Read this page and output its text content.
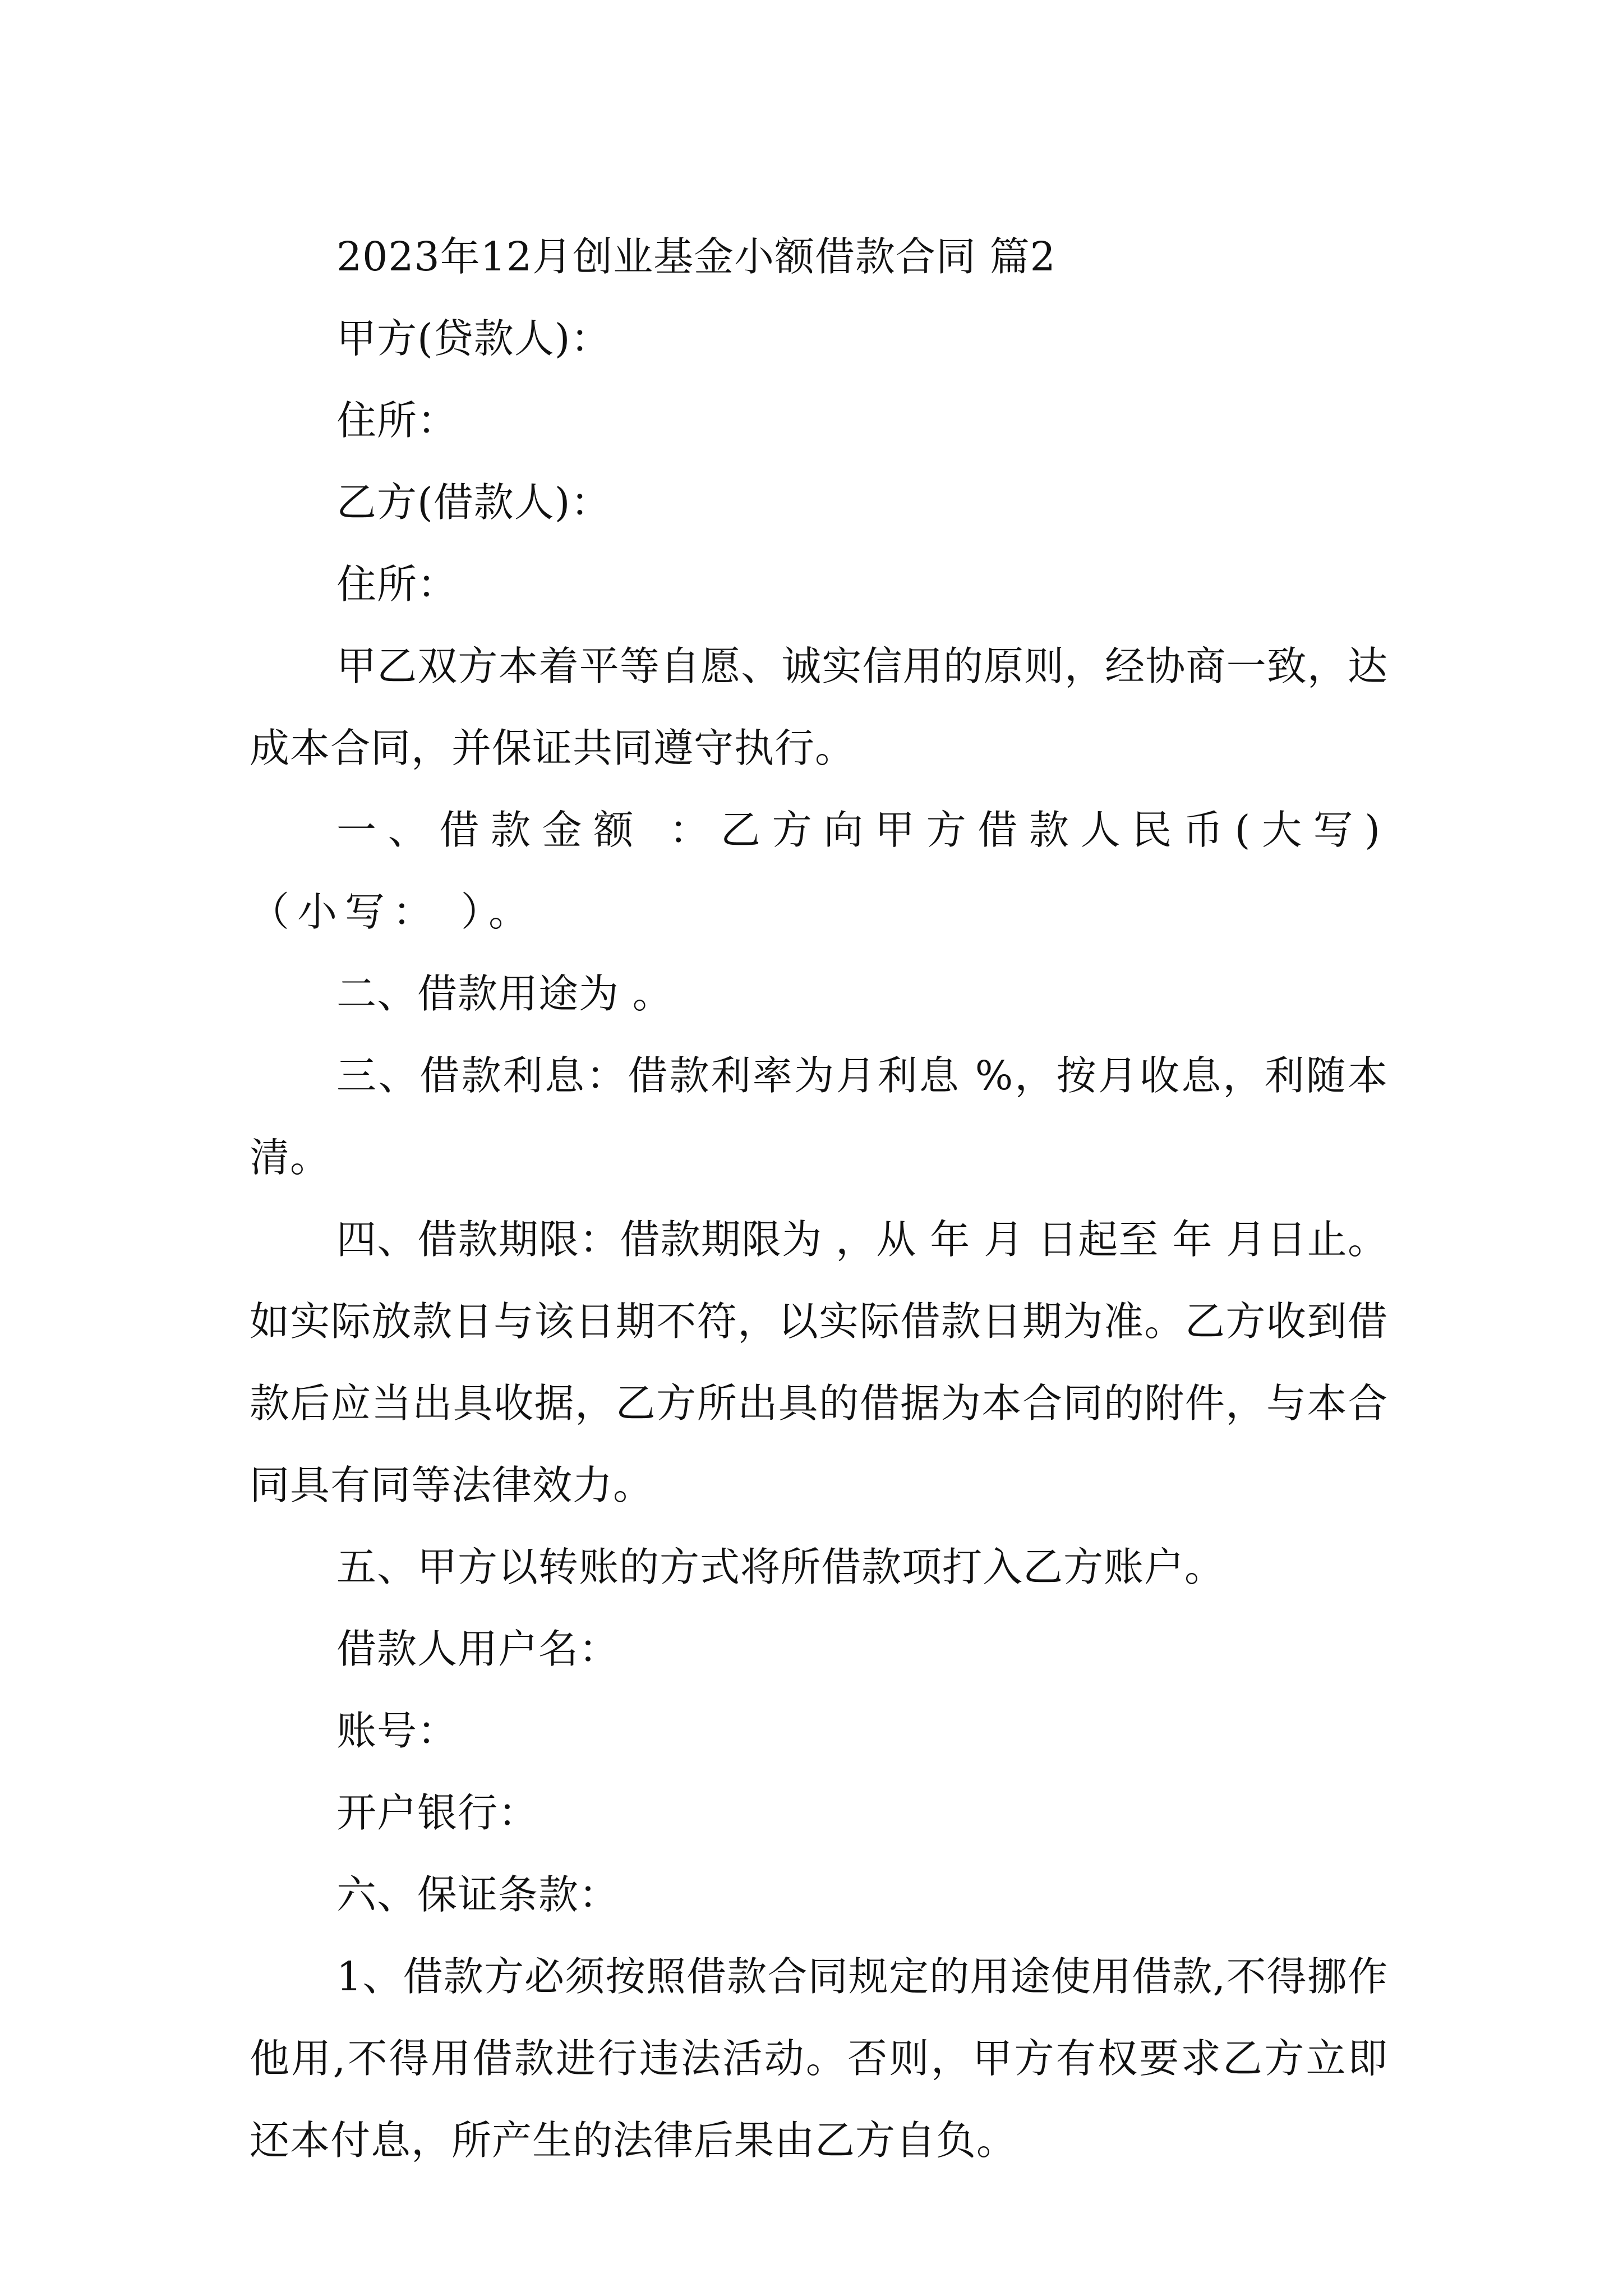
2023年12月创业基金小额借款合同 篇2

甲方(贷款人)：

住所：

乙方(借款人)：

住所：

甲乙双方本着平等自愿、诚实信用的原则，经协商一致，达成本合同，并保证共同遵守执行。

一、借款金额 ：乙方向甲方借款人民币(大写)（小写： ）。

二、借款用途为 。

三、借款利息：借款利率为月利息 %，按月收息，利随本清。

四、借款期限：借款期限为 ，从 年 月 日起至 年 月日止。如实际放款日与该日期不符，以实际借款日期为准。乙方收到借款后应当出具收据，乙方所出具的借据为本合同的附件，与本合同具有同等法律效力。

五、甲方以转账的方式将所借款项打入乙方账户。

借款人用户名：

账号：

开户银行：

六、保证条款：

1、借款方必须按照借款合同规定的用途使用借款,不得挪作他用,不得用借款进行违法活动。否则，甲方有权要求乙方立即还本付息，所产生的法律后果由乙方自负。
